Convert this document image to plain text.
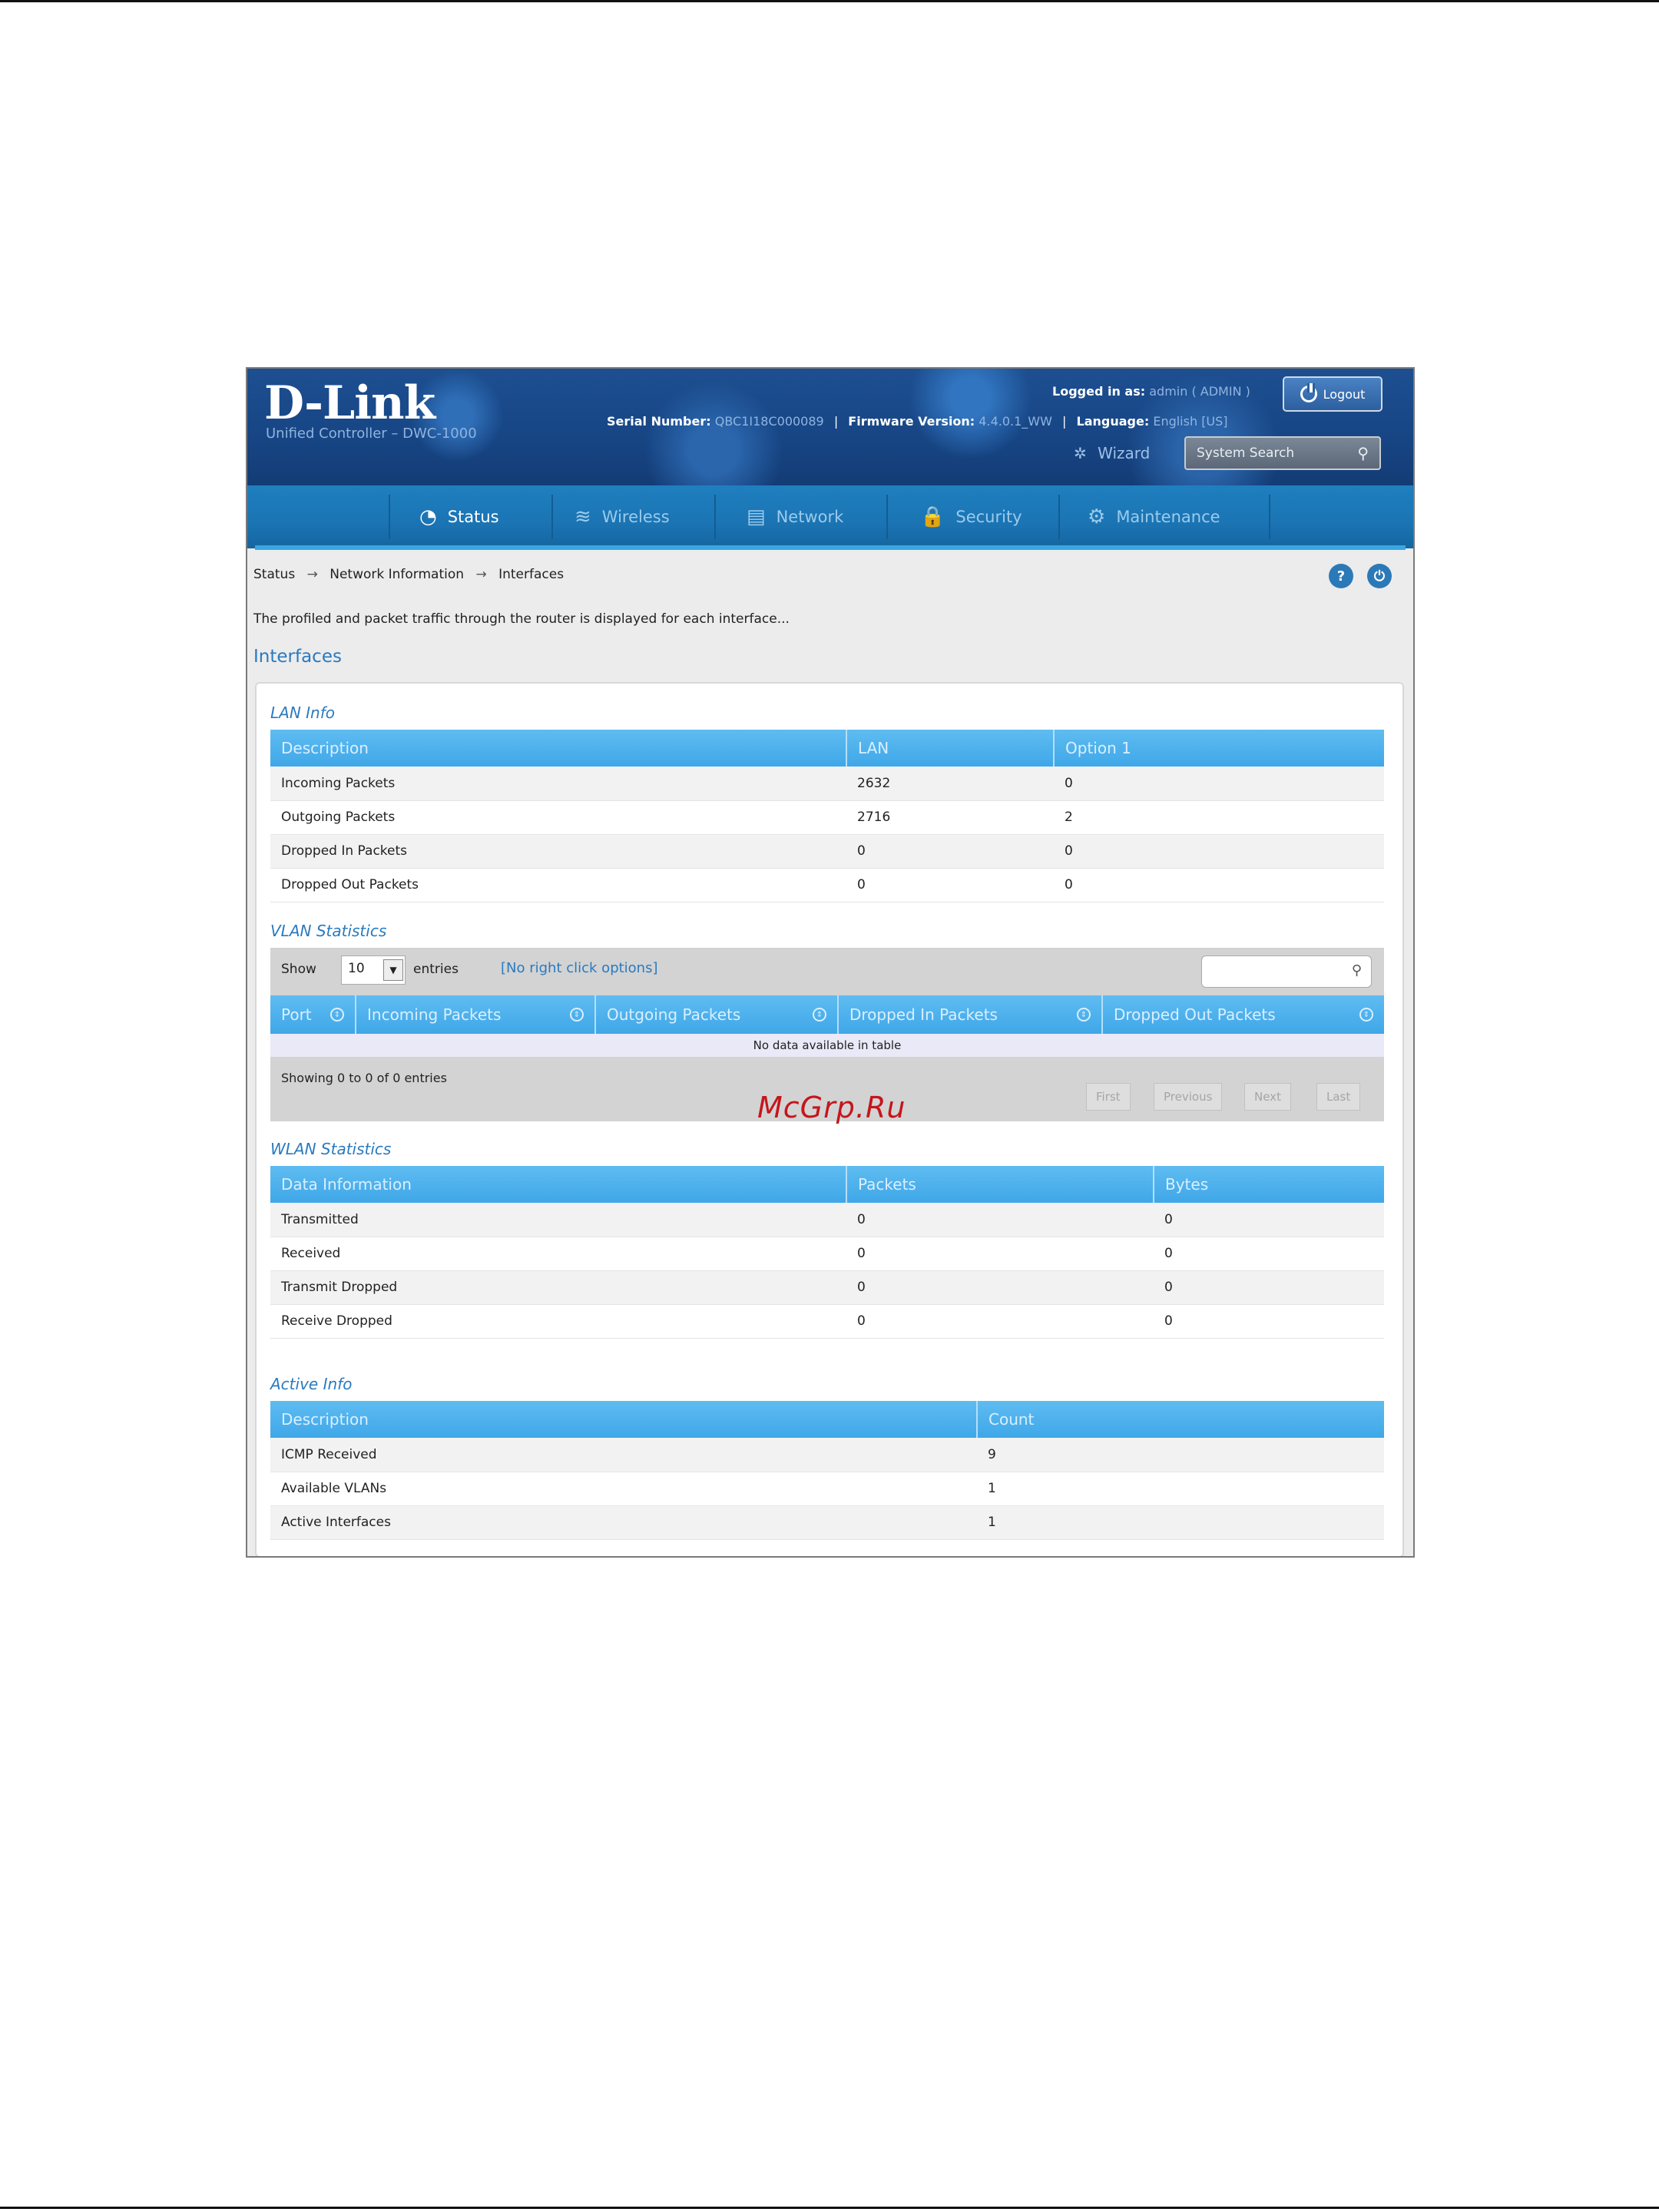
D-Link
Unified Controller – DWC-1000
Serial Number: QBC1I18C000089 | Firmware Version: 4.4.0.1_WW | Language: English [US]
Logged in as: admin ( ADMIN )	Logout
✲ Wizard	System Search	⚲
◔ Status	≋ Wireless	▤ Network	🔒 Security	⚙ Maintenance
Status → Network Information → Interfaces	?	⏻
The profiled and packet traffic through the router is displayed for each interface...
Interfaces
LAN Info
Description	LAN	Option 1
Incoming Packets	2632	0
Outgoing Packets	2716	2
Dropped In Packets	0	0
Dropped Out Packets	0	0
VLAN Statistics
Show	10	▼	entries	[No right click options]	⚲
Port	⇕ Incoming Packets	⇕ Outgoing Packets	⇕ Dropped In Packets	⇕ Dropped Out Packets	⇕
No data available in table
Showing 0 to 0 of 0 entries
First	Previous	Next	Last
WLAN Statistics
Data Information	Packets	Bytes
Transmitted	0	0
Received	0	0
Transmit Dropped	0	0
Receive Dropped	0	0
Active Info
Description	Count
ICMP Received	9
Available VLANs	1
Active Interfaces	1
McGrp.Ru
